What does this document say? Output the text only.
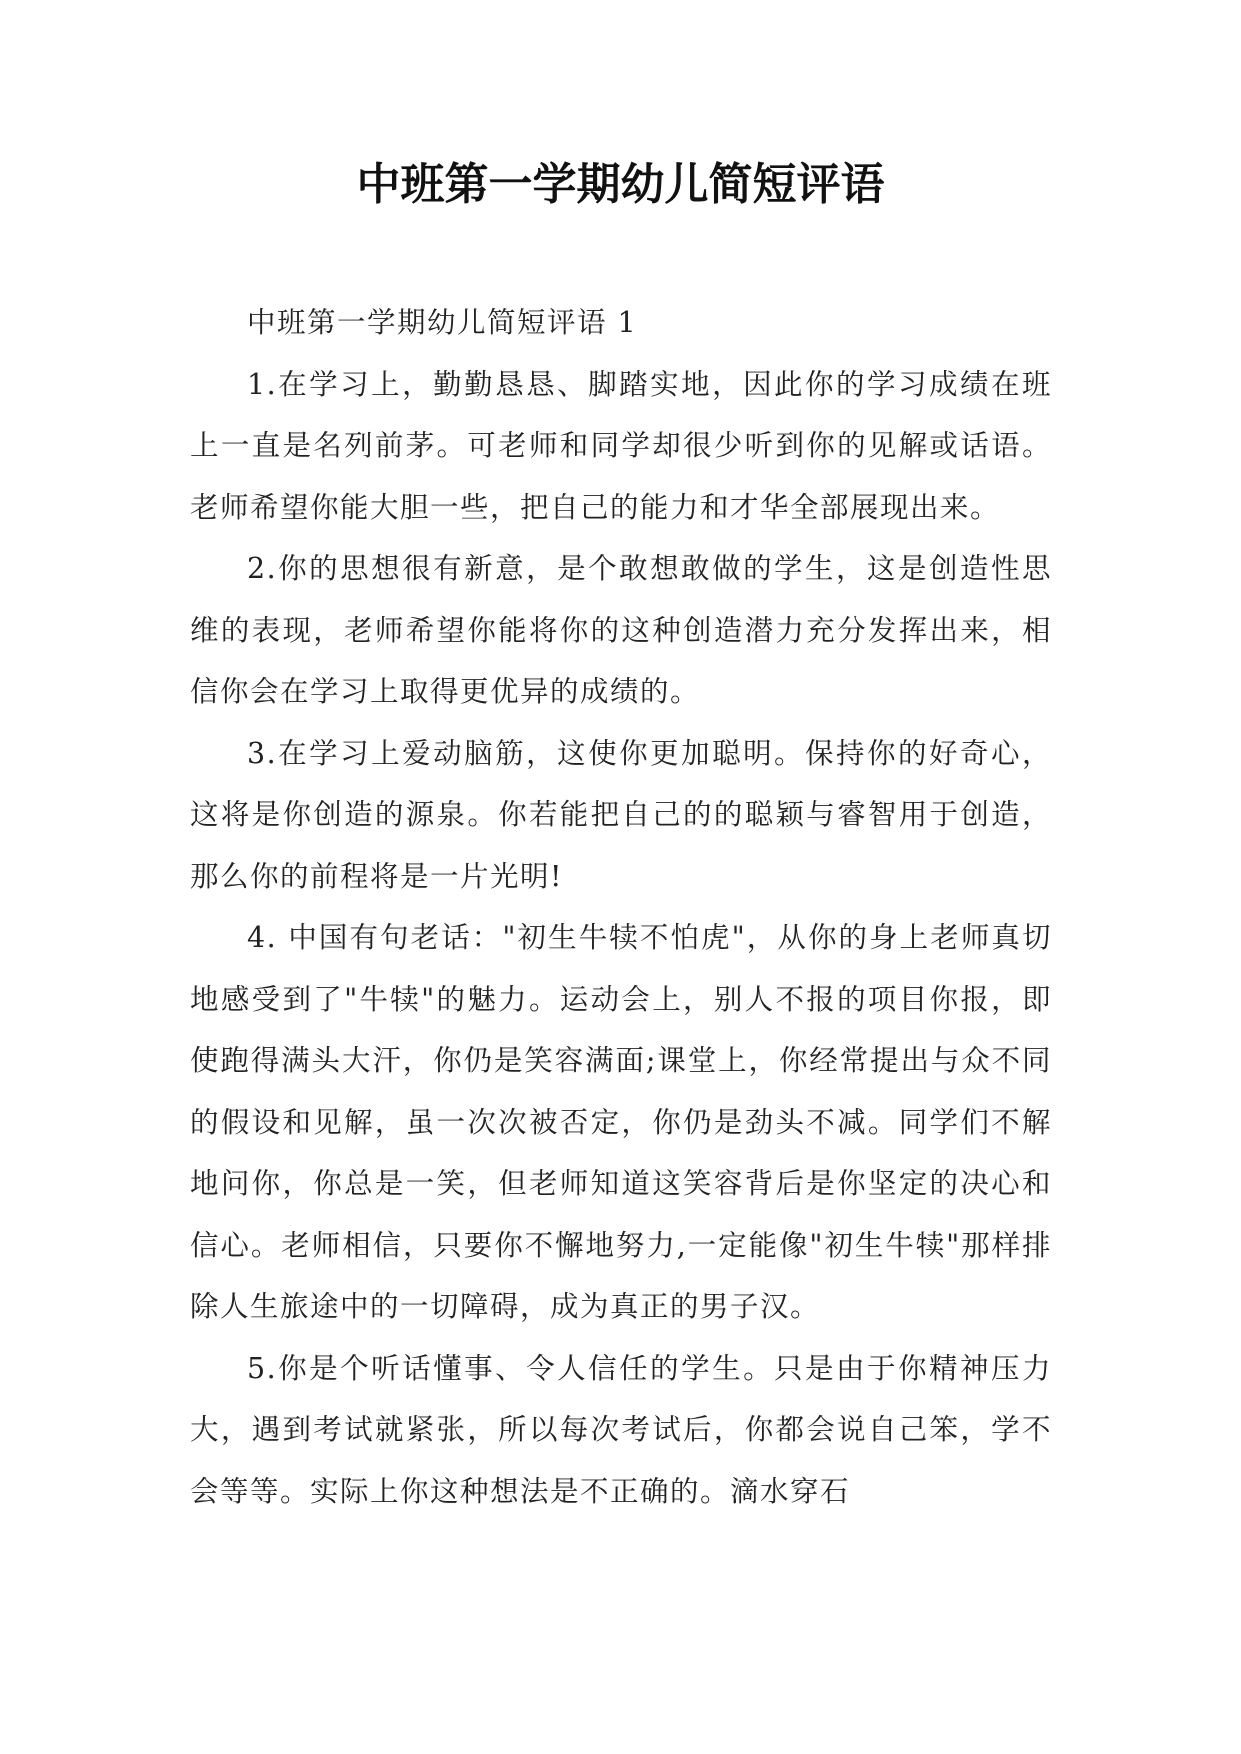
中班第一学期幼儿简短评语

中班第一学期幼儿简短评语 1

1.在学习上，勤勤恳恳、脚踏实地，因此你的学习成绩在班上一直是名列前茅。可老师和同学却很少听到你的见解或话语。老师希望你能大胆一些，把自己的能力和才华全部展现出来。

2.你的思想很有新意，是个敢想敢做的学生，这是创造性思维的表现，老师希望你能将你的这种创造潜力充分发挥出来，相信你会在学习上取得更优异的成绩的。

3.在学习上爱动脑筋，这使你更加聪明。保持你的好奇心，这将是你创造的源泉。你若能把自己的的聪颖与睿智用于创造，那么你的前程将是一片光明!

4. 中国有句老话："初生牛犊不怕虎"，从你的身上老师真切地感受到了"牛犊"的魅力。运动会上，别人不报的项目你报，即使跑得满头大汗，你仍是笑容满面;课堂上，你经常提出与众不同的假设和见解，虽一次次被否定，你仍是劲头不减。同学们不解地问你，你总是一笑，但老师知道这笑容背后是你坚定的决心和信心。老师相信，只要你不懈地努力,一定能像"初生牛犊"那样排除人生旅途中的一切障碍，成为真正的男子汉。

5.你是个听话懂事、令人信任的学生。只是由于你精神压力大，遇到考试就紧张，所以每次考试后，你都会说自己笨，学不会等等。实际上你这种想法是不正确的。滴水穿石
